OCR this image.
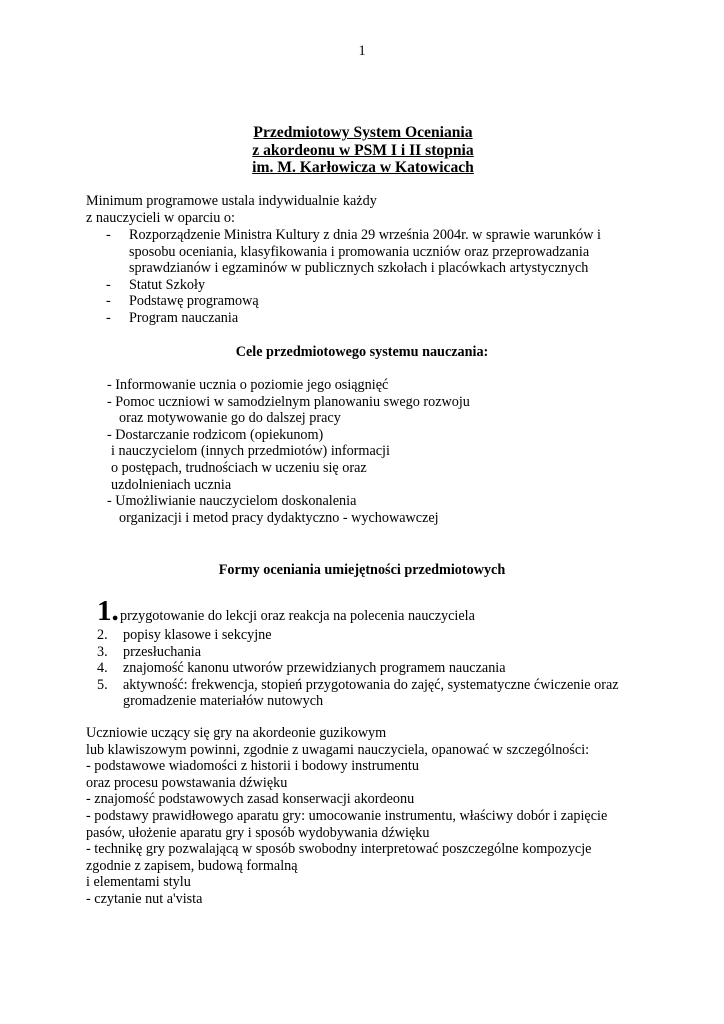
1
Przedmiotowy System Oceniania
z akordeonu w PSM I i II stopnia
im. M. Karłowicza w Katowicach
Minimum programowe ustala indywidualnie każdy
z nauczycieli w oparciu o:
- Rozporządzenie Ministra Kultury z dnia 29 września 2004r. w sprawie warunków i
sposobu oceniania, klasyfikowania i promowania uczniów oraz przeprowadzania
sprawdzianów i egzaminów w publicznych szkołach i placówkach artystycznych
- Statut Szkoły
- Podstawę programową
- Program nauczania
Cele przedmiotowego systemu nauczania:
- Informowanie ucznia o poziomie jego osiągnięć
- Pomoc uczniowi w samodzielnym planowaniu swego rozwoju
oraz motywowanie go do dalszej pracy
- Dostarczanie rodzicom (opiekunom)
i nauczycielom (innych przedmiotów) informacji
o postępach, trudnościach w uczeniu się oraz
uzdolnieniach ucznia
- Umożliwianie nauczycielom doskonalenia
organizacji i metod pracy dydaktyczno - wychowawczej
Formy oceniania umiejętności przedmiotowych
1. przygotowanie do lekcji oraz reakcja na polecenia nauczyciela
2. popisy klasowe i sekcyjne
3. przesłuchania
4. znajomość kanonu utworów przewidzianych programem nauczania
5. aktywność: frekwencja, stopień przygotowania do zajęć, systematyczne ćwiczenie oraz
gromadzenie materiałów nutowych
Uczniowie uczący się gry na akordeonie guzikowym
lub klawiszowym powinni, zgodnie z uwagami nauczyciela, opanować w szczególności:
- podstawowe wiadomości z historii i bodowy instrumentu
oraz procesu powstawania dźwięku
- znajomość podstawowych zasad konserwacji akordeonu
- podstawy prawidłowego aparatu gry: umocowanie instrumentu, właściwy dobór i zapięcie
pasów, ułożenie aparatu gry i sposób wydobywania dźwięku
- technikę gry pozwalającą w sposób swobodny interpretować poszczególne kompozycje
zgodnie z zapisem, budową formalną
i elementami stylu
- czytanie nut a'vista
